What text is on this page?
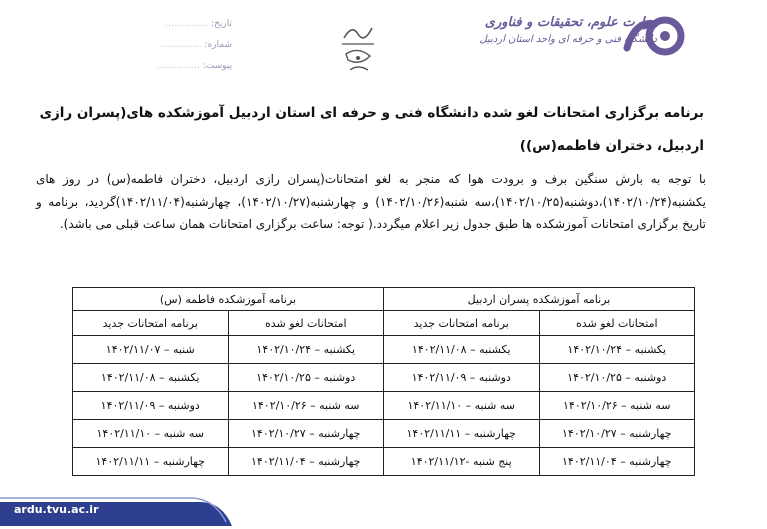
وزارت علوم، تحقیقات و فناوری
دانشگاه فنی و حرفه ای واحد استان اردبیل
تاریخ: ...............
شماره: ...............
پیوست: ...............
برنامه برگزاری امتحانات لغو شده دانشگاه فنی و حرفه ای استان اردبیل آموزشکده های(پسران رازی اردبیل، دختران فاطمه(س))
با توجه به بارش سنگین برف و برودت هوا که منجر به لغو امتحانات(پسران رازی اردبیل، دختران فاطمه(س) در روز های یکشنبه(۱۴۰۲/۱۰/۲۴)،دوشنبه(۱۴۰۲/۱۰/۲۵)،سه شنبه(۱۴۰۲/۱۰/۲۶) و چهارشنبه(۱۴۰۲/۱۰/۲۷)، چهارشنبه(۱۴۰۲/۱۱/۰۴)گردید، برنامه و تاریخ برگزاری امتحانات آموزشکده ها طبق جدول زیر اعلام میگردد.( توجه: ساعت برگزاری امتحانات همان ساعت قبلی می باشد).
برنامه آموزشکده پسران اردبیل		برنامه آموزشکده فاطمه (س)	
امتحانات لغو شده	برنامه امتحانات جدید	امتحانات لغو شده	برنامه امتحانات جدید
یکشنبه – ۱۴۰۲/۱۰/۲۴	یکشنبه – ۱۴۰۲/۱۱/۰۸	یکشنبه – ۱۴۰۲/۱۰/۲۴	شنبه – ۱۴۰۲/۱۱/۰۷
دوشنبه – ۱۴۰۲/۱۰/۲۵	دوشنبه – ۱۴۰۲/۱۱/۰۹	دوشنبه – ۱۴۰۲/۱۰/۲۵	یکشنبه – ۱۴۰۲/۱۱/۰۸
سه شنبه – ۱۴۰۲/۱۰/۲۶	سه شنبه – ۱۴۰۲/۱۱/۱۰	سه شنبه – ۱۴۰۲/۱۰/۲۶	دوشنبه – ۱۴۰۲/۱۱/۰۹
چهارشنبه – ۱۴۰۲/۱۰/۲۷	چهارشنبه – ۱۴۰۲/۱۱/۱۱	چهارشنبه – ۱۴۰۲/۱۰/۲۷	سه شنبه – ۱۴۰۲/۱۱/۱۰
چهارشنبه – ۱۴۰۲/۱۱/۰۴	پنج شنبه -۱۴۰۲/۱۱/۱۲	چهارشنبه – ۱۴۰۲/۱۱/۰۴	چهارشنبه – ۱۴۰۲/۱۱/۱۱
ardu.tvu.ac.ir
